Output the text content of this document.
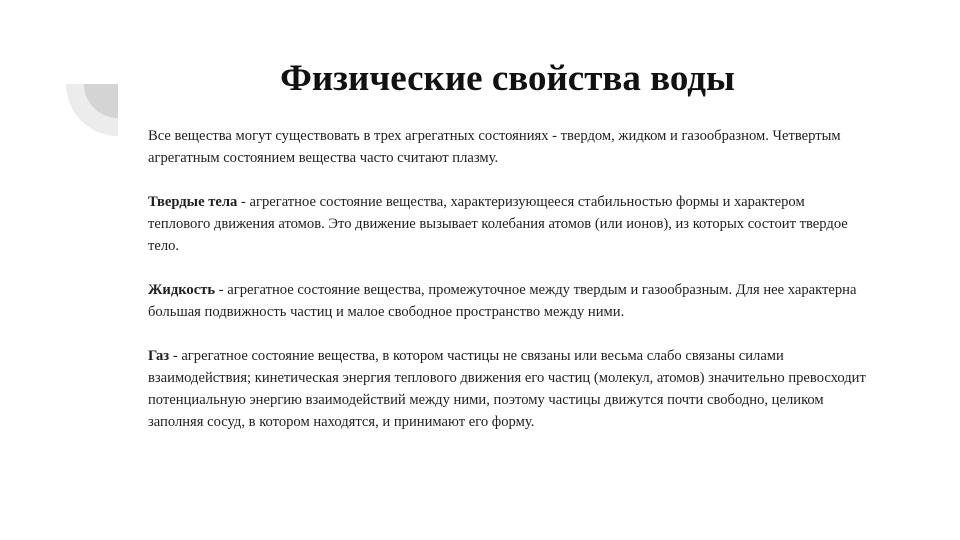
Физические свойства воды

Все вещества могут существовать в трех агрегатных состояниях - твердом, жидком и газообразном. Четвертым агрегатным состоянием вещества часто считают плазму.

Твердые тела - агрегатное состояние вещества, характеризующееся стабильностью формы и характером теплового движения атомов. Это движение вызывает колебания атомов (или ионов), из которых состоит твердое тело.

Жидкость - агрегатное состояние вещества, промежуточное между твердым и газообразным. Для нее характерна большая подвижность частиц и малое свободное пространство между ними.

Газ - агрегатное состояние вещества, в котором частицы не связаны или весьма слабо связаны силами взаимодействия; кинетическая энергия теплового движения его частиц (молекул, атомов) значительно превосходит потенциальную энергию взаимодействий между ними, поэтому частицы движутся почти свободно, целиком заполняя сосуд, в котором находятся, и принимают его форму.
